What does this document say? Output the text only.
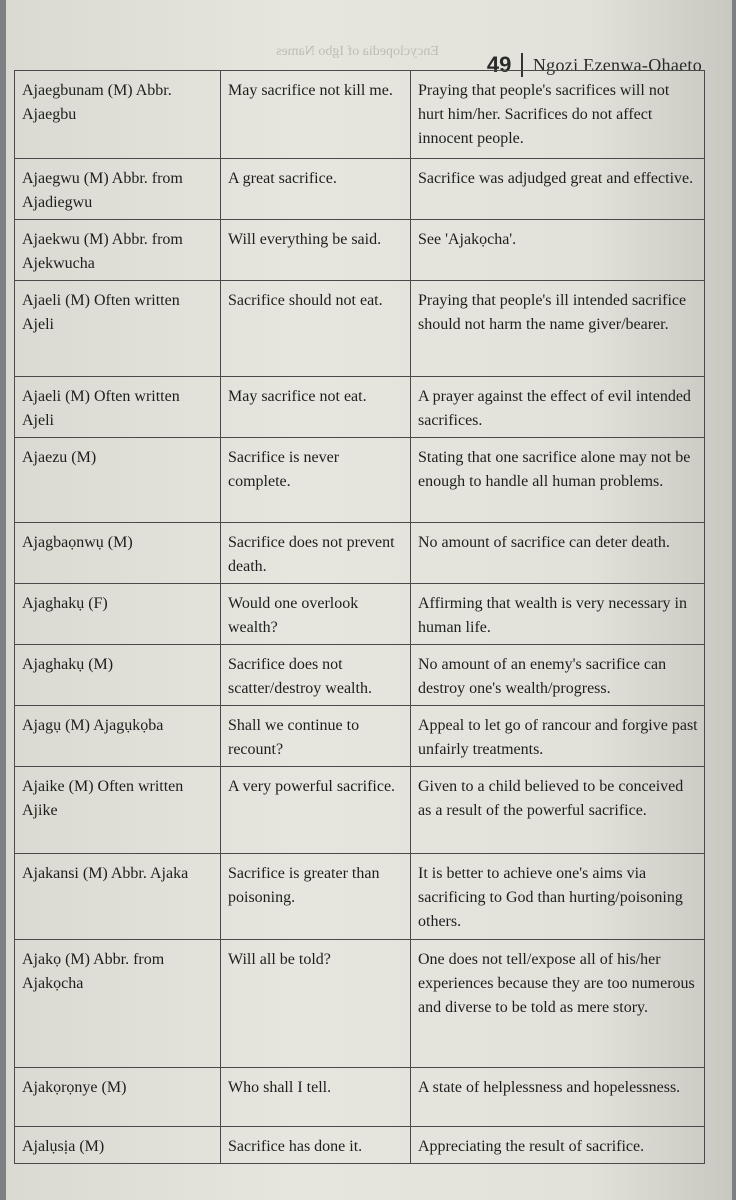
Encyclopedia of Igbo Names
49 Ngozi Ezenwa-Ohaeto
Ajaegbunam (M) Abbr. Ajaegbu	May sacrifice not kill me.	Praying that people's sacrifices will not hurt him/her. Sacrifices do not affect innocent people.
Ajaegwu (M) Abbr. from Ajadiegwu	A great sacrifice.	Sacrifice was adjudged great and effective.
Ajaekwu (M) Abbr. from Ajekwucha	Will everything be said.	See 'Ajakọcha'.
Ajaeli (M) Often written Ajeli	Sacrifice should not eat.	Praying that people's ill intended sacrifice should not harm the name giver/bearer.
Ajaeli (M) Often written Ajeli	May sacrifice not eat.	A prayer against the effect of evil intended sacrifices.
Ajaezu (M)	Sacrifice is never complete.	Stating that one sacrifice alone may not be enough to handle all human problems.
Ajagbaọnwụ (M)	Sacrifice does not prevent death.	No amount of sacrifice can deter death.
Ajaghakụ (F)	Would one overlook wealth?	Affirming that wealth is very necessary in human life.
Ajaghakụ (M)	Sacrifice does not scatter/destroy wealth.	No amount of an enemy's sacrifice can destroy one's wealth/progress.
Ajagụ (M) Ajagụkọba	Shall we continue to recount?	Appeal to let go of rancour and forgive past unfairly treatments.
Ajaike (M) Often written Ajike	A very powerful sacrifice.	Given to a child believed to be conceived as a result of the powerful sacrifice.
Ajakansi (M) Abbr. Ajaka	Sacrifice is greater than poisoning.	It is better to achieve one's aims via sacrificing to God than hurting/poisoning others.
Ajakọ (M) Abbr. from Ajakọcha	Will all be told?	One does not tell/expose all of his/her experiences because they are too numerous and diverse to be told as mere story.
Ajakọrọnye (M)	Who shall I tell.	A state of helplessness and hopelessness.
Ajalụsịa (M)	Sacrifice has done it.	Appreciating the result of sacrifice.
